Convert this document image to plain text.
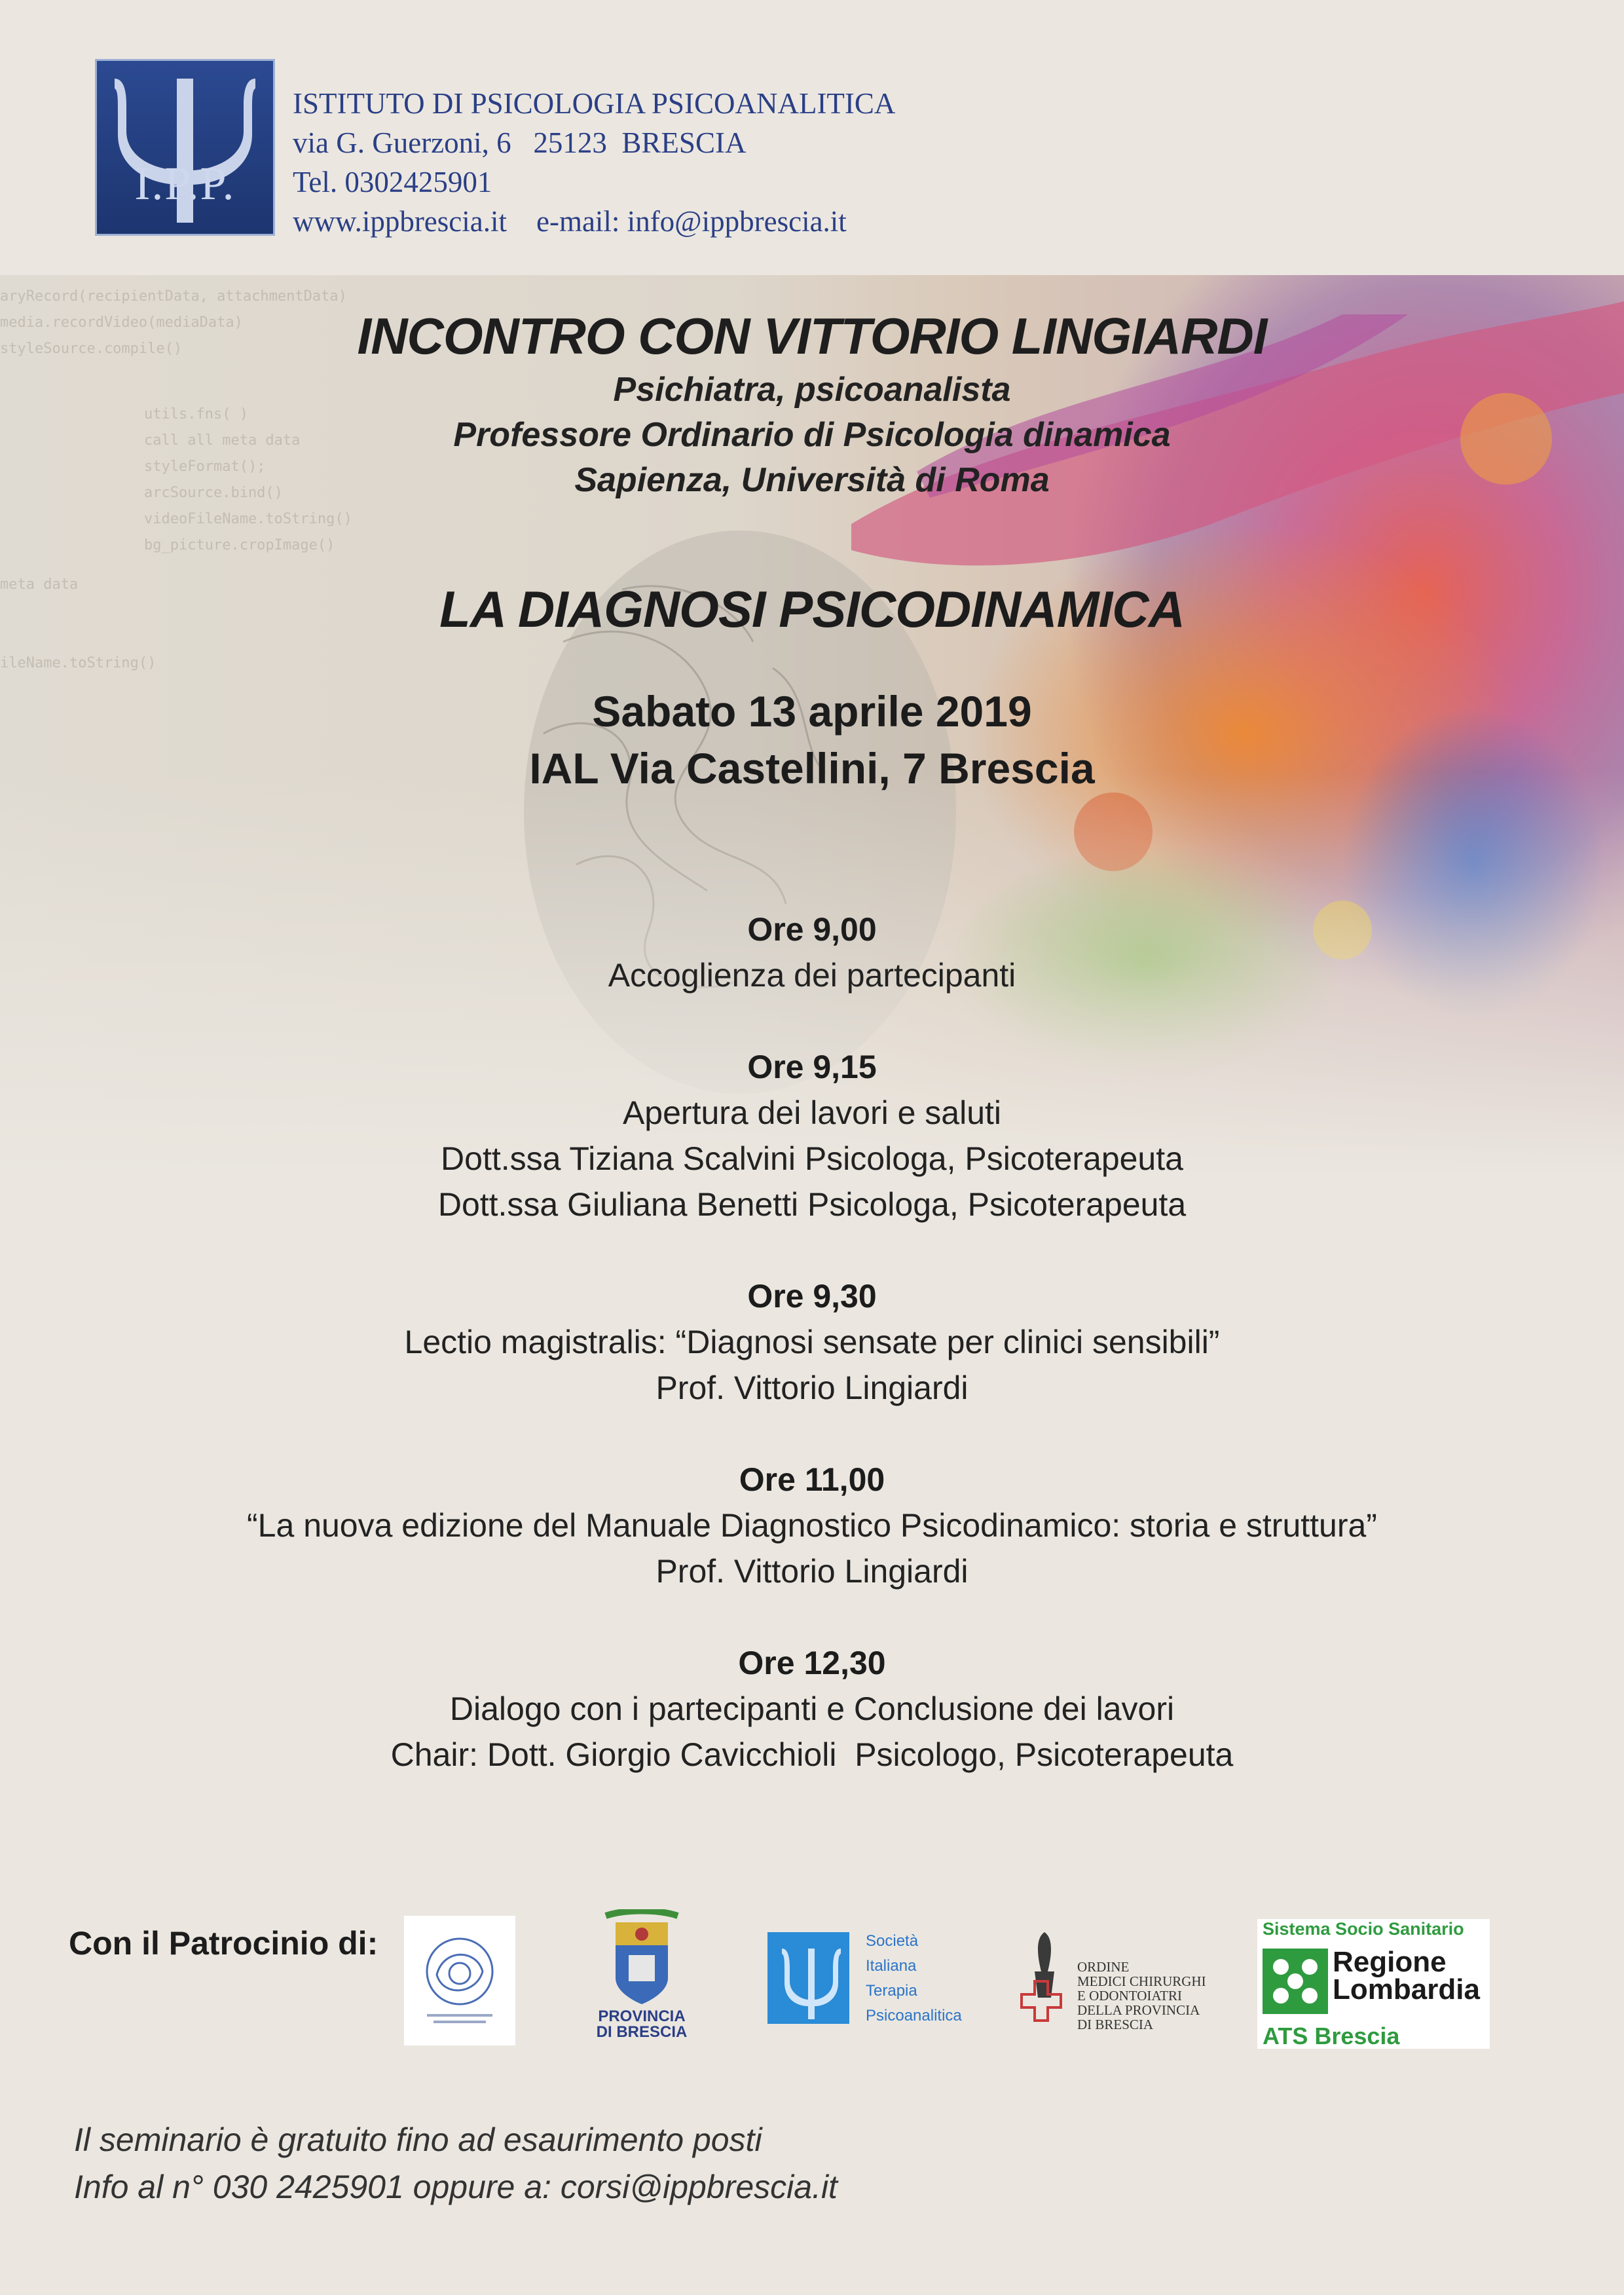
I.P.P.
ISTITUTO DI PSICOLOGIA PSICOANALITICA
via G. Guerzoni, 6   25123  BRESCIA
Tel. 0302425901
www.ippbrescia.it    e-mail: info@ippbrescia.it
aryRecord(recipientData, attachmentData)
media.recordVideo(mediaData)
styleSource.compile()
utils.fns( )
call all meta data
styleFormat();
arcSource.bind()
videoFileName.toString()
bg_picture.cropImage()
meta data
ileName.toString()
INCONTRO CON VITTORIO LINGIARDI
Psichiatra, psicoanalista
Professore Ordinario di Psicologia dinamica
Sapienza, Università di Roma
LA DIAGNOSI PSICODINAMICA
Sabato 13 aprile 2019
IAL Via Castellini, 7 Brescia
Ore 9,00
Accoglienza dei partecipanti
Ore 9,15
Apertura dei lavori e saluti
Dott.ssa Tiziana Scalvini Psicologa, Psicoterapeuta
Dott.ssa Giuliana Benetti Psicologa, Psicoterapeuta
Ore 9,30
Lectio magistralis: “Diagnosi sensate per clinici sensibili”
Prof. Vittorio Lingiardi
Ore 11,00
“La nuova edizione del Manuale Diagnostico Psicodinamico: storia e struttura”
Prof. Vittorio Lingiardi
Ore 12,30
Dialogo con i partecipanti e Conclusione dei lavori
Chair: Dott. Giorgio Cavicchioli  Psicologo, Psicoterapeuta
Con il Patrocinio di:
PROVINCIA
DI BRESCIA
Società
Italiana
Terapia
Psicoanalitica
ORDINE
MEDICI CHIRURGHI
E ODONTOIATRI
DELLA PROVINCIA
DI BRESCIA
Sistema Socio Sanitario
Regione
Lombardia
ATS Brescia
Il seminario è gratuito fino ad esaurimento posti
Info al n° 030 2425901 oppure a: corsi@ippbrescia.it
